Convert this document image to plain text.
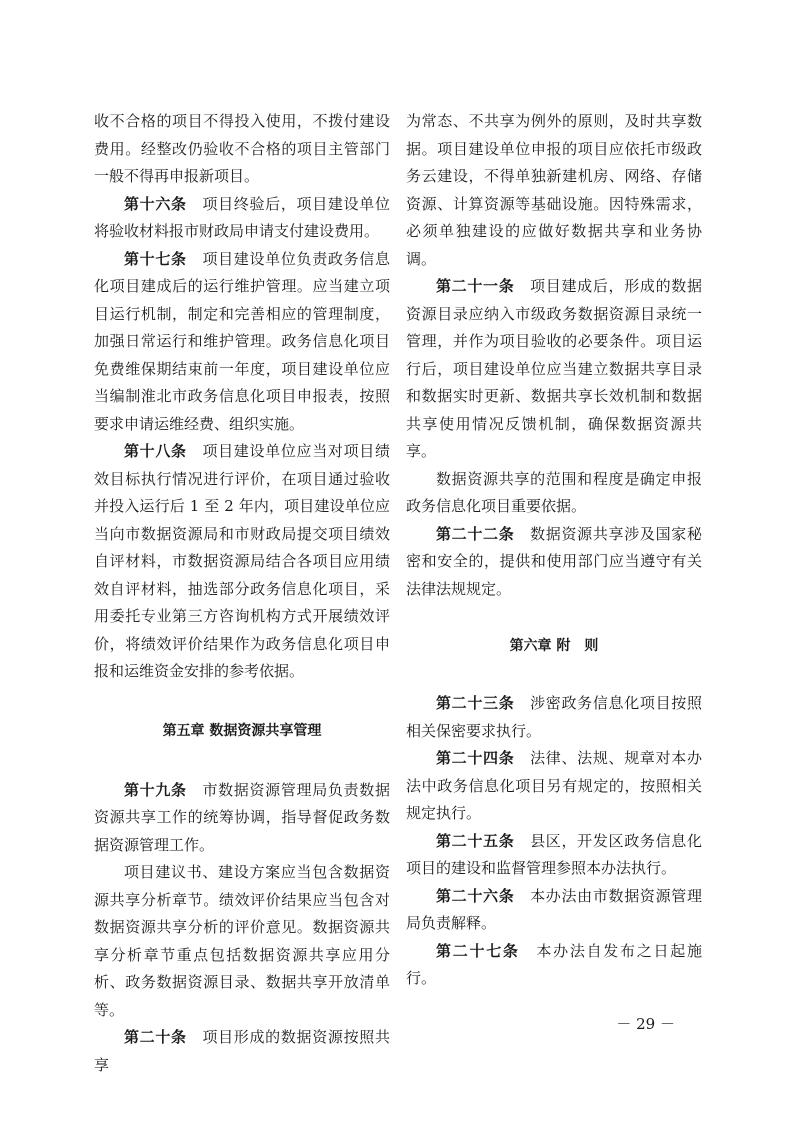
收不合格的项目不得投入使用，不拨付建设费用。经整改仍验收不合格的项目主管部门一般不得再申报新项目。

第十六条　 项目终验后，项目建设单位将验收材料报市财政局申请支付建设费用。

第十七条　 项目建设单位负责政务信息化项目建成后的运行维护管理。应当建立项目运行机制，制定和完善相应的管理制度，加强日常运行和维护管理。政务信息化项目免费维保期结束前一年度，项目建设单位应当编制淮北市政务信息化项目申报表，按照要求申请运维经费、组织实施。

第十八条　 项目建设单位应当对项目绩效目标执行情况进行评价，在项目通过验收并投入运行后 1 至 2 年内，项目建设单位应当向市数据资源局和市财政局提交项目绩效自评材料，市数据资源局结合各项目应用绩效自评材料，抽选部分政务信息化项目，采用委托专业第三方咨询机构方式开展绩效评价，将绩效评价结果作为政务信息化项目申报和运维资金安排的参考依据。

第五章 数据资源共享管理

第十九条　 市数据资源管理局负责数据资源共享工作的统筹协调，指导督促政务数据资源管理工作。

项目建议书、建设方案应当包含数据资源共享分析章节。绩效评价结果应当包含对数据资源共享分析的评价意见。数据资源共享分析章节重点包括数据资源共享应用分析、政务数据资源目录、数据共享开放清单等。

第二十条　 项目形成的数据资源按照共享

为常态、不共享为例外的原则，及时共享数据。项目建设单位申报的项目应依托市级政务云建设，不得单独新建机房、网络、存储资源、计算资源等基础设施。因特殊需求，必须单独建设的应做好数据共享和业务协调。

第二十一条　 项目建成后，形成的数据资源目录应纳入市级政务数据资源目录统一管理，并作为项目验收的必要条件。项目运行后，项目建设单位应当建立数据共享目录和数据实时更新、数据共享长效机制和数据共享使用情况反馈机制，确保数据资源共享。

数据资源共享的范围和程度是确定申报政务信息化项目重要依据。

第二十二条　 数据资源共享涉及国家秘密和安全的，提供和使用部门应当遵守有关法律法规规定。

第六章 附　则

第二十三条　 涉密政务信息化项目按照相关保密要求执行。

第二十四条　 法律、法规、规章对本办法中政务信息化项目另有规定的，按照相关规定执行。

第二十五条　 县区，开发区政务信息化项目的建设和监督管理参照本办法执行。

第二十六条　 本办法由市数据资源管理局负责解释。

第二十七条　 本办法自发布之日起施行。

－ 29 －
